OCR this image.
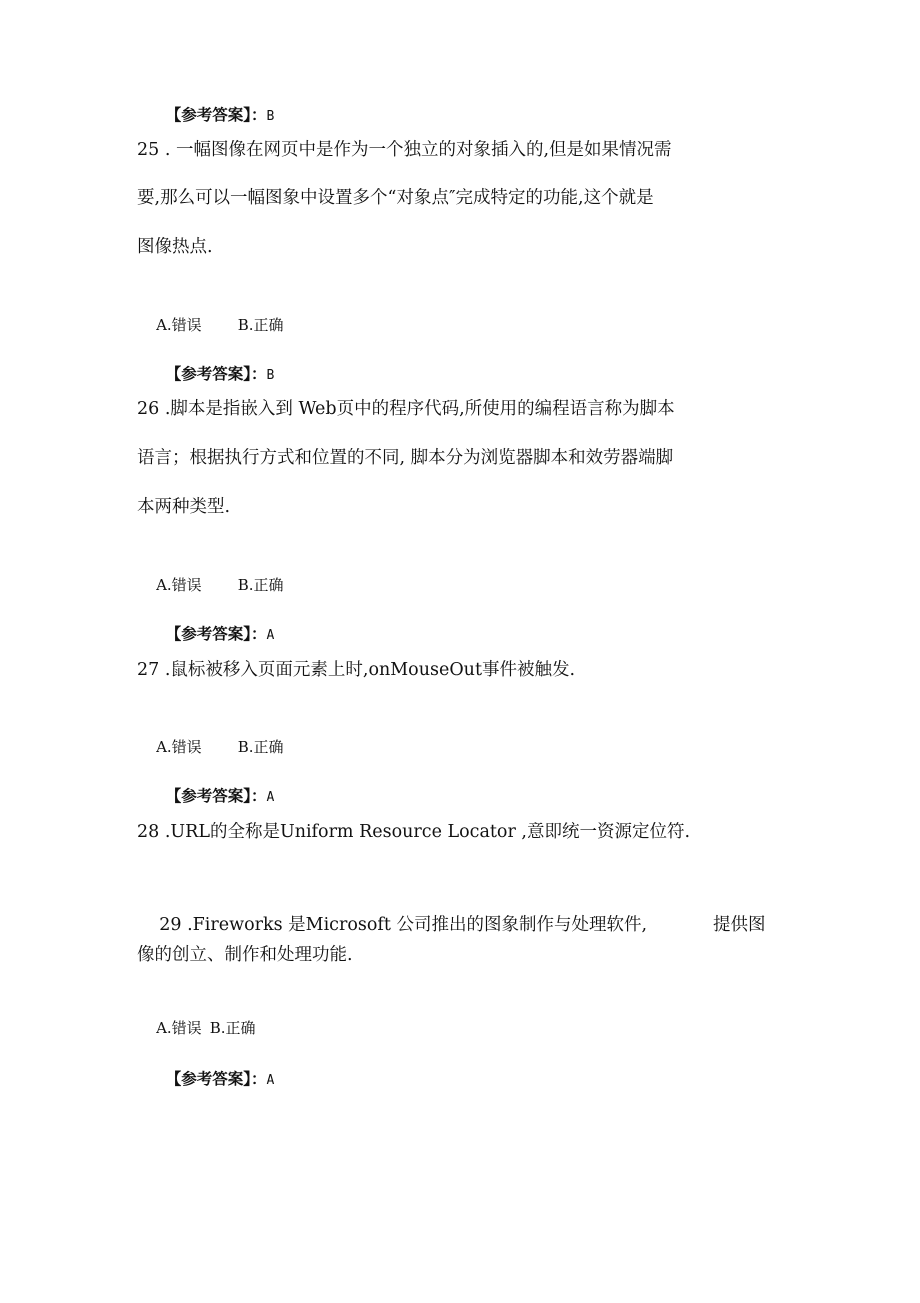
【参考答案】：B

25 . 一幅图像在网页中是作为一个独立的对象插入的,但是如果情况需
要,那么可以一幅图象中设置多个“对象点″完成特定的功能,这个就是
图像热点.

A.错误 B.正确

【参考答案】：B

26 .脚本是指嵌入到 Web页中的程序代码,所使用的编程语言称为脚本
语言；根据执行方式和位置的不同, 脚本分为浏览器脚本和效劳器端脚
本两种类型.

A.错误 B.正确

【参考答案】：A

27 .鼠标被移入页面元素上时,onMouseOut事件被触发.

A.错误 B.正确

【参考答案】：A

28 .URL的全称是Uniform Resource Locator ,意即统一资源定位符.

29 .Fireworks 是Microsoft 公司推出的图象制作与处理软件,	提供图

像的创立、制作和处理功能.

A.错误 B.正确

【参考答案】：A
